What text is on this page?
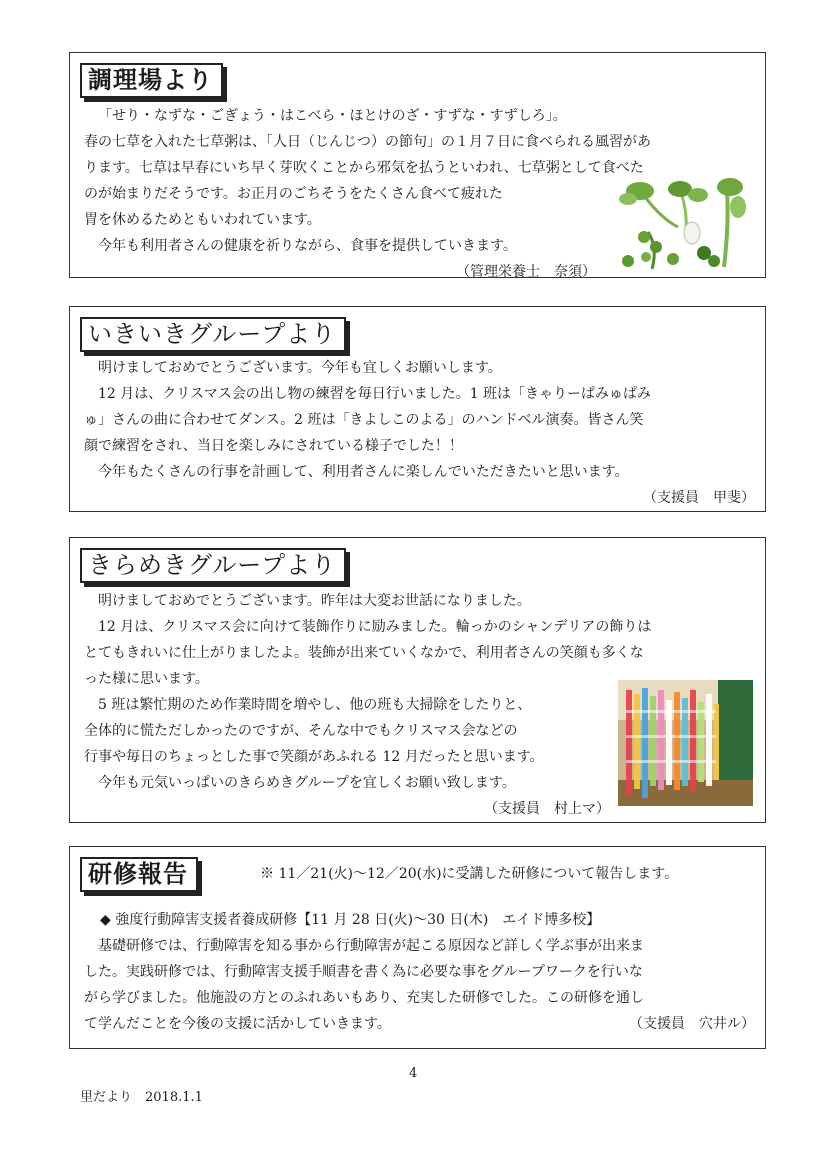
調理場より
「せり・なずな・ごぎょう・はこべら・ほとけのざ・すずな・すずしろ」。
春の七草を入れた七草粥は、「人日（じんじつ）の節句」の１月７日に食べられる風習があ
ります。七草は早春にいち早く芽吹くことから邪気を払うといわれ、七草粥として食べた
のが始まりだそうです。お正月のごちそうをたくさん食べて疲れた
胃を休めるためともいわれています。
今年も利用者さんの健康を祈りながら、食事を提供していきます。
（管理栄養士　奈須）
いきいきグループより
明けましておめでとうございます。今年も宜しくお願いします。
12 月は、クリスマス会の出し物の練習を毎日行いました。1 班は「きゃりーぱみゅぱみ
ゅ」さんの曲に合わせてダンス。2 班は「きよしこのよる」のハンドベル演奏。皆さん笑
顔で練習をされ、当日を楽しみにされている様子でした！！
今年もたくさんの行事を計画して、利用者さんに楽しんでいただきたいと思います。
（支援員　甲斐）
きらめきグループより
明けましておめでとうございます。昨年は大変お世話になりました。
12 月は、クリスマス会に向けて装飾作りに励みました。輪っかのシャンデリアの飾りは
とてもきれいに仕上がりましたよ。装飾が出来ていくなかで、利用者さんの笑顔も多くな
った様に思います。
5 班は繁忙期のため作業時間を増やし、他の班も大掃除をしたりと、
全体的に慌ただしかったのですが、そんな中でもクリスマス会などの
行事や毎日のちょっとした事で笑顔があふれる 12 月だったと思います。
今年も元気いっぱいのきらめきグループを宜しくお願い致します。
（支援員　村上マ）
研修報告	※ 11／21(火)～12／20(水)に受講した研修について報告します。
◆ 強度行動障害支援者養成研修【11 月 28 日(火)～30 日(木)　エイド博多校】
基礎研修では、行動障害を知る事から行動障害が起こる原因など詳しく学ぶ事が出来ま
した。実践研修では、行動障害支援手順書を書く為に必要な事をグループワークを行いな
がら学びました。他施設の方とのふれあいもあり、充実した研修でした。この研修を通し
て学んだことを今後の支援に活かしていきます。	（支援員　穴井ル）
4
里だより　2018.1.1
